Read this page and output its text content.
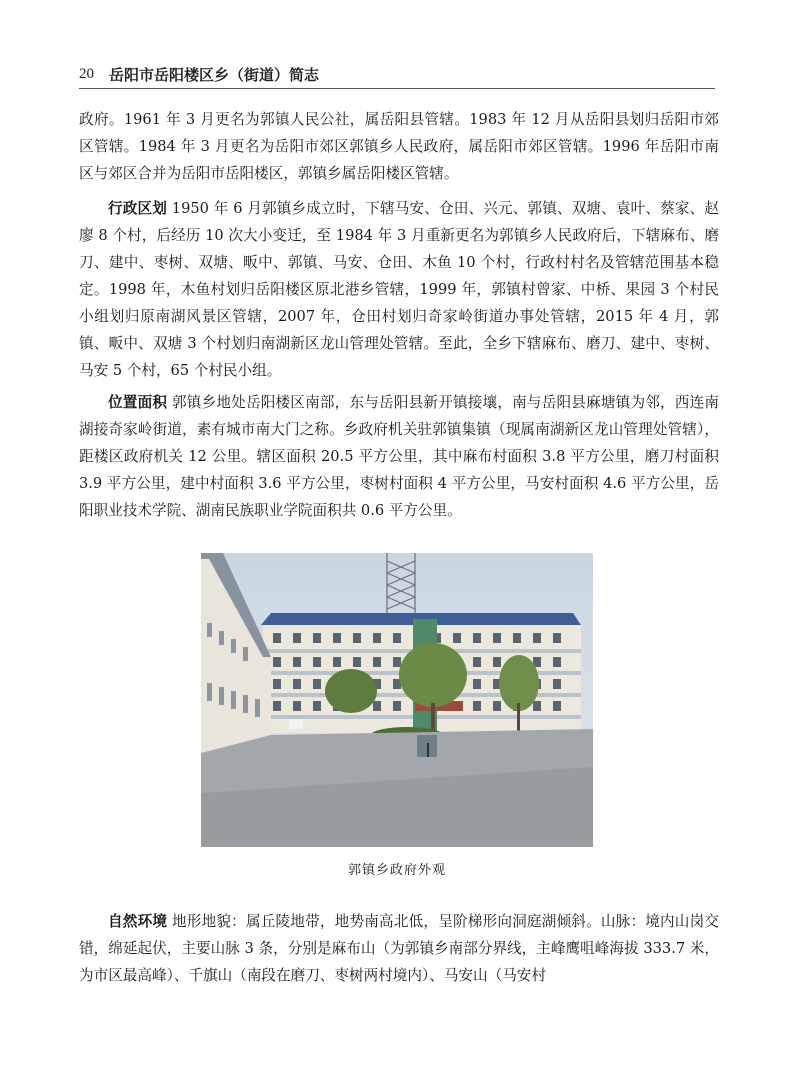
20 岳阳市岳阳楼区乡（街道）简志

政府。1961 年 3 月更名为郭镇人民公社，属岳阳县管辖。1983 年 12 月从岳阳县划归岳阳市郊区管辖。1984 年 3 月更名为岳阳市郊区郭镇乡人民政府，属岳阳市郊区管辖。1996 年岳阳市南区与郊区合并为岳阳市岳阳楼区，郭镇乡属岳阳楼区管辖。

行政区划 1950 年 6 月郭镇乡成立时，下辖马安、仓田、兴元、郭镇、双塘、袁叶、蔡家、赵廖 8 个村，后经历 10 次大小变迁，至 1984 年 3 月重新更名为郭镇乡人民政府后，下辖麻布、磨刀、建中、枣树、双塘、畈中、郭镇、马安、仓田、木鱼 10 个村，行政村村名及管辖范围基本稳定。1998 年，木鱼村划归岳阳楼区原北港乡管辖，1999 年，郭镇村曾家、中桥、果园 3 个村民小组划归原南湖风景区管辖，2007 年，仓田村划归奇家岭街道办事处管辖，2015 年 4 月，郭镇、畈中、双塘 3 个村划归南湖新区龙山管理处管辖。至此，全乡下辖麻布、磨刀、建中、枣树、马安 5 个村，65 个村民小组。

位置面积 郭镇乡地处岳阳楼区南部，东与岳阳县新开镇接壤，南与岳阳县麻塘镇为邻，西连南湖接奇家岭街道，素有城市南大门之称。乡政府机关驻郭镇集镇（现属南湖新区龙山管理处管辖），距楼区政府机关 12 公里。辖区面积 20.5 平方公里，其中麻布村面积 3.8 平方公里，磨刀村面积 3.9 平方公里，建中村面积 3.6 平方公里，枣树村面积 4 平方公里，马安村面积 4.6 平方公里，岳阳职业技术学院、湖南民族职业学院面积共 0.6 平方公里。

郭镇乡政府外观

自然环境 地形地貌：属丘陵地带，地势南高北低，呈阶梯形向洞庭湖倾斜。山脉：境内山岗交错，绵延起伏，主要山脉 3 条，分别是麻布山（为郭镇乡南部分界线，主峰鹰咀峰海拔 333.7 米，为市区最高峰）、千旗山（南段在磨刀、枣树两村境内）、马安山（马安村
